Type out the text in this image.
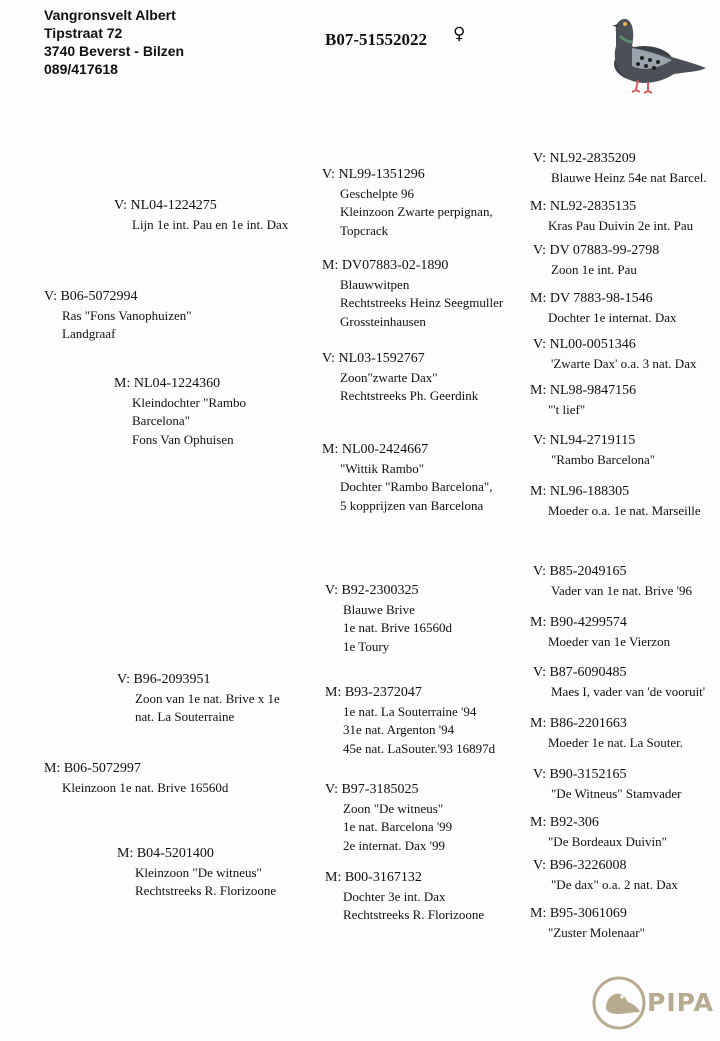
Vangronsvelt Albert
Tipstraat 72
3740 Beverst - Bilzen
089/417618
B07-51552022 ♀
V: B06-5072994
Ras "Fons Vanophuizen"
Landgraaf
V: NL04-1224275
Lijn 1e int. Pau en 1e int. Dax
M: NL04-1224360
Kleindochter "Rambo
Barcelona"
Fons Van Ophuisen
V: NL99-1351296
Geschelpte 96
Kleinzoon Zwarte perpignan,
Topcrack
M: DV07883-02-1890
Blauwwitpen
Rechtstreeks Heinz Seegmuller
Grossteinhausen
V: NL03-1592767
Zoon"zwarte Dax"
Rechtstreeks Ph. Geerdink
M: NL00-2424667
"Wittik Rambo"
Dochter "Rambo Barcelona",
5 kopprijzen van Barcelona
V: NL92-2835209
Blauwe Heinz 54e nat Barcel.
M: NL92-2835135
Kras Pau Duivin 2e int. Pau
V: DV 07883-99-2798
Zoon 1e int. Pau
M: DV 7883-98-1546
Dochter 1e internat. Dax
V: NL00-0051346
'Zwarte Dax' o.a. 3 nat. Dax
M: NL98-9847156
"'t lief"
V: NL94-2719115
"Rambo Barcelona"
M: NL96-188305
Moeder o.a. 1e nat. Marseille
M: B06-5072997
Kleinzoon 1e nat. Brive 16560d
V: B96-2093951
Zoon van 1e nat. Brive x 1e
nat. La Souterraine
M: B04-5201400
Kleinzoon "De witneus"
Rechtstreeks R. Florizoone
V: B92-2300325
Blauwe Brive
1e nat. Brive 16560d
1e Toury
M: B93-2372047
1e nat. La Souterraine '94
31e nat. Argenton '94
45e nat. LaSouter.'93 16897d
V: B97-3185025
Zoon "De witneus"
1e nat. Barcelona '99
2e internat. Dax '99
M: B00-3167132
Dochter 3e int. Dax
Rechtstreeks R. Florizoone
V: B85-2049165
Vader van 1e nat. Brive '96
M: B90-4299574
Moeder van 1e Vierzon
V: B87-6090485
Maes I, vader van 'de vooruit'
M: B86-2201663
Moeder 1e nat. La Souter.
V: B90-3152165
"De Witneus" Stamvader
M: B92-306
"De Bordeaux Duivin"
V: B96-3226008
"De dax" o.a. 2 nat. Dax
M: B95-3061069
"Zuster Molenaar"
PIPA
